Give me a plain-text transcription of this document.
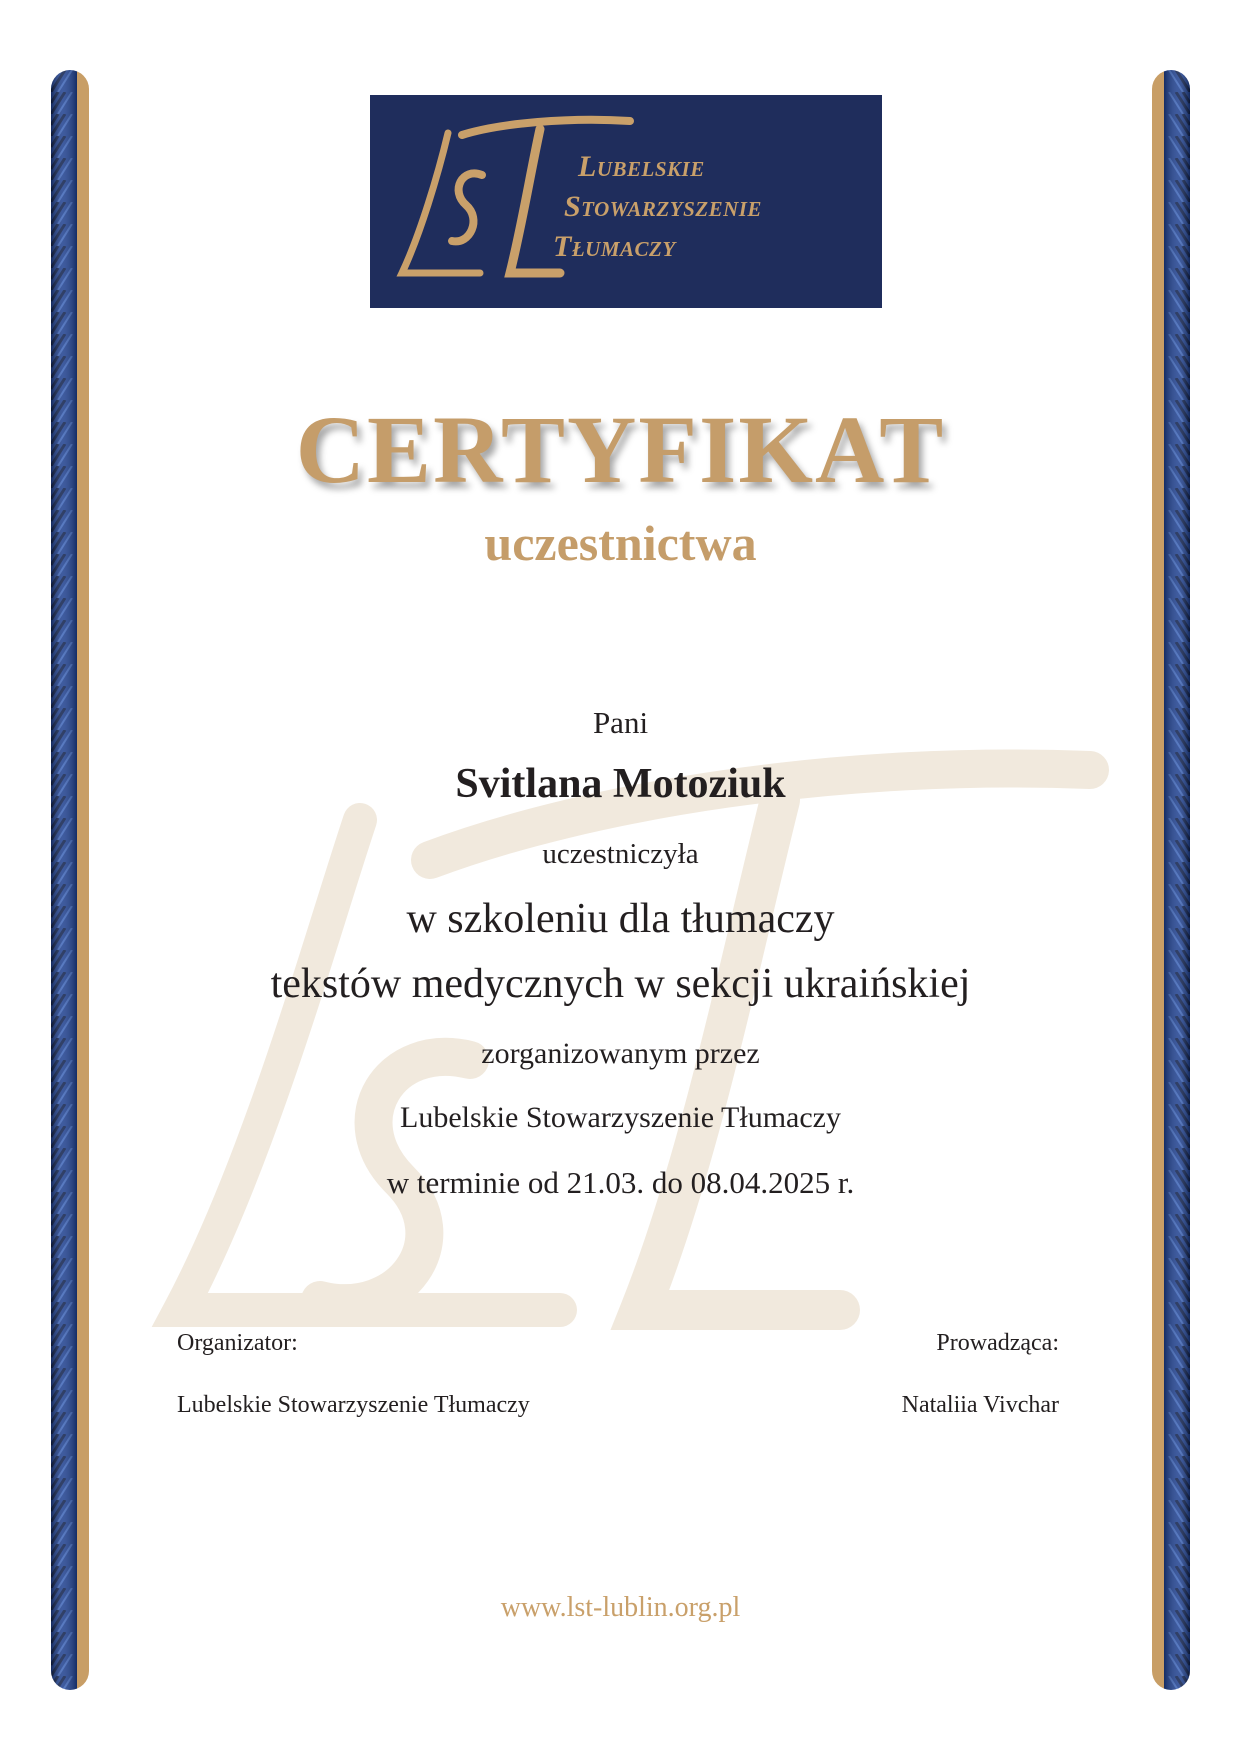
Lubelskie
Stowarzyszenie
Tłumaczy
CERTYFIKAT
uczestnictwa
Pani
Svitlana Motoziuk
uczestniczyła
w szkoleniu dla tłumaczy
tekstów medycznych w sekcji ukraińskiej
zorganizowanym przez
Lubelskie Stowarzyszenie Tłumaczy
w terminie od 21.03. do 08.04.2025 r.
Organizator:
Lubelskie Stowarzyszenie Tłumaczy
Prowadząca:
Nataliia Vivchar
www.lst-lublin.org.pl
